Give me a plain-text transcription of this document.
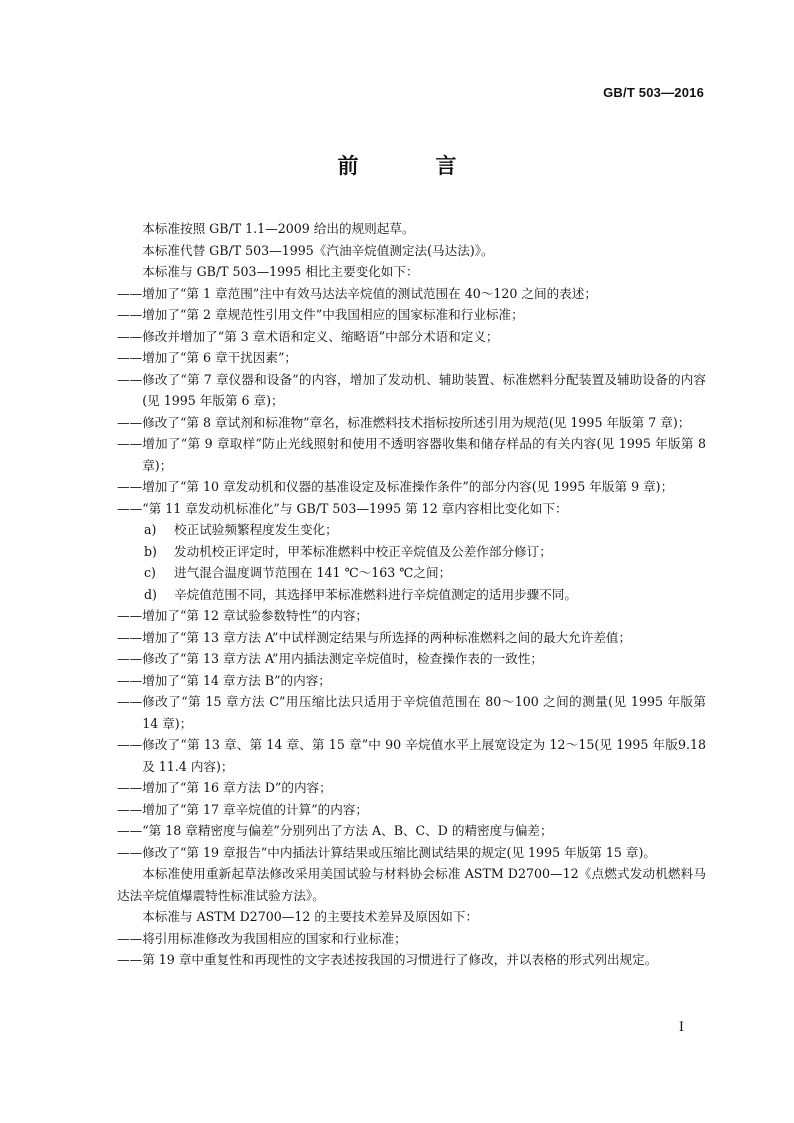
GB/T 503—2016
前　言

本标准按照 GB/T 1.1—2009 给出的规则起草。

本标准代替 GB/T 503—1995《汽油辛烷值测定法(马达法)》。

本标准与 GB/T 503—1995 相比主要变化如下：

—— 增加了“第 1 章范围”注中有效马达法辛烷值的测试范围在 40～120 之间的表述；
—— 增加了“第 2 章规范性引用文件”中我国相应的国家标准和行业标准；
—— 修改并增加了“第 3 章术语和定义、缩略语”中部分术语和定义；
—— 增加了“第 6 章干扰因素”；
—— 修改了“第 7 章仪器和设备”的内容，增加了发动机、辅助装置、标准燃料分配装置及辅助设备的内容(见 1995 年版第 6 章)；
—— 修改了“第 8 章试剂和标准物”章名，标准燃料技术指标按所述引用为规范(见 1995 年版第 7 章)；
—— 增加了“第 9 章取样”防止光线照射和使用不透明容器收集和储存样品的有关内容(见 1995 年版第 8 章)；
—— 增加了“第 10 章发动机和仪器的基准设定及标准操作条件”的部分内容(见 1995 年版第 9 章)；
—— “第 11 章发动机标准化”与 GB/T 503—1995 第 12 章内容相比变化如下：
a)	校正试验频繁程度发生变化；
b)	发动机校正评定时，甲苯标准燃料中校正辛烷值及公差作部分修订；
c)	进气混合温度调节范围在 141 ℃～163 ℃之间；
d)	辛烷值范围不同，其选择甲苯标准燃料进行辛烷值测定的适用步骤不同。
—— 增加了“第 12 章试验参数特性”的内容；
—— 增加了“第 13 章方法 A”中试样测定结果与所选择的两种标准燃料之间的最大允许差值；
—— 修改了“第 13 章方法 A”用内插法测定辛烷值时，检查操作表的一致性；
—— 增加了“第 14 章方法 B”的内容；
—— 修改了“第 15 章方法 C”用压缩比法只适用于辛烷值范围在 80～100 之间的测量(见 1995 年版第 14 章)；
—— 修改了“第 13 章、第 14 章、第 15 章”中 90 辛烷值水平上展宽设定为 12～15(见 1995 年版9.18 及 11.4 内容)；
—— 增加了“第 16 章方法 D”的内容；
—— 增加了“第 17 章辛烷值的计算”的内容；
—— “第 18 章精密度与偏差”分别列出了方法 A、B、C、D 的精密度与偏差；
—— 修改了“第 19 章报告”中内插法计算结果或压缩比测试结果的规定(见 1995 年版第 15 章)。

本标准使用重新起草法修改采用美国试验与材料协会标准 ASTM D2700—12《点燃式发动机燃料马达法辛烷值爆震特性标准试验方法》。

本标准与 ASTM D2700—12 的主要技术差异及原因如下：

—— 将引用标准修改为我国相应的国家和行业标准；
—— 第 19 章中重复性和再现性的文字表述按我国的习惯进行了修改，并以表格的形式列出规定。
I
